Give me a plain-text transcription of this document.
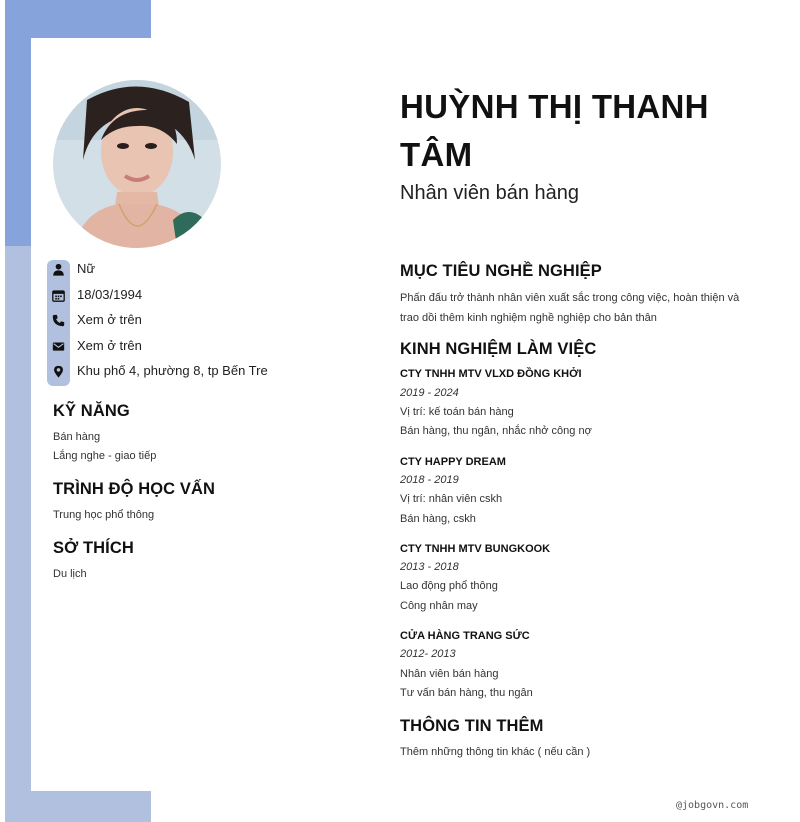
Nữ
18/03/1994
Xem ở trên
Xem ở trên
Khu phố 4, phường 8, tp Bến Tre
KỸ NĂNG
Bán hàng
Lắng nghe - giao tiếp
TRÌNH ĐỘ HỌC VẤN
Trung học phổ thông
SỞ THÍCH
Du lịch
HUỲNH THỊ THANH TÂM
Nhân viên bán hàng
MỤC TIÊU NGHỀ NGHIỆP
Phấn đấu trở thành nhân viên xuất sắc trong công việc, hoàn thiện và trao dồi thêm kinh nghiệm nghề nghiệp cho bản thân
KINH NGHIỆM LÀM VIỆC
CTY TNHH MTV VLXD ĐỒNG KHỞI
2019 - 2024
Vị trí: kế toán bán hàng
Bán hàng, thu ngân, nhắc nhở công nợ
CTY HAPPY DREAM
2018 - 2019
Vị trí: nhân viên cskh
Bán hàng, cskh
CTY TNHH MTV BUNGKOOK
2013 - 2018
Lao động phổ thông
Công nhân may
CỬA HÀNG TRANG SỨC
2012- 2013
Nhân viên bán hàng
Tư vấn bán hàng, thu ngân
THÔNG TIN THÊM
Thêm những thông tin khác ( nếu cần )
@jobgovn.com
